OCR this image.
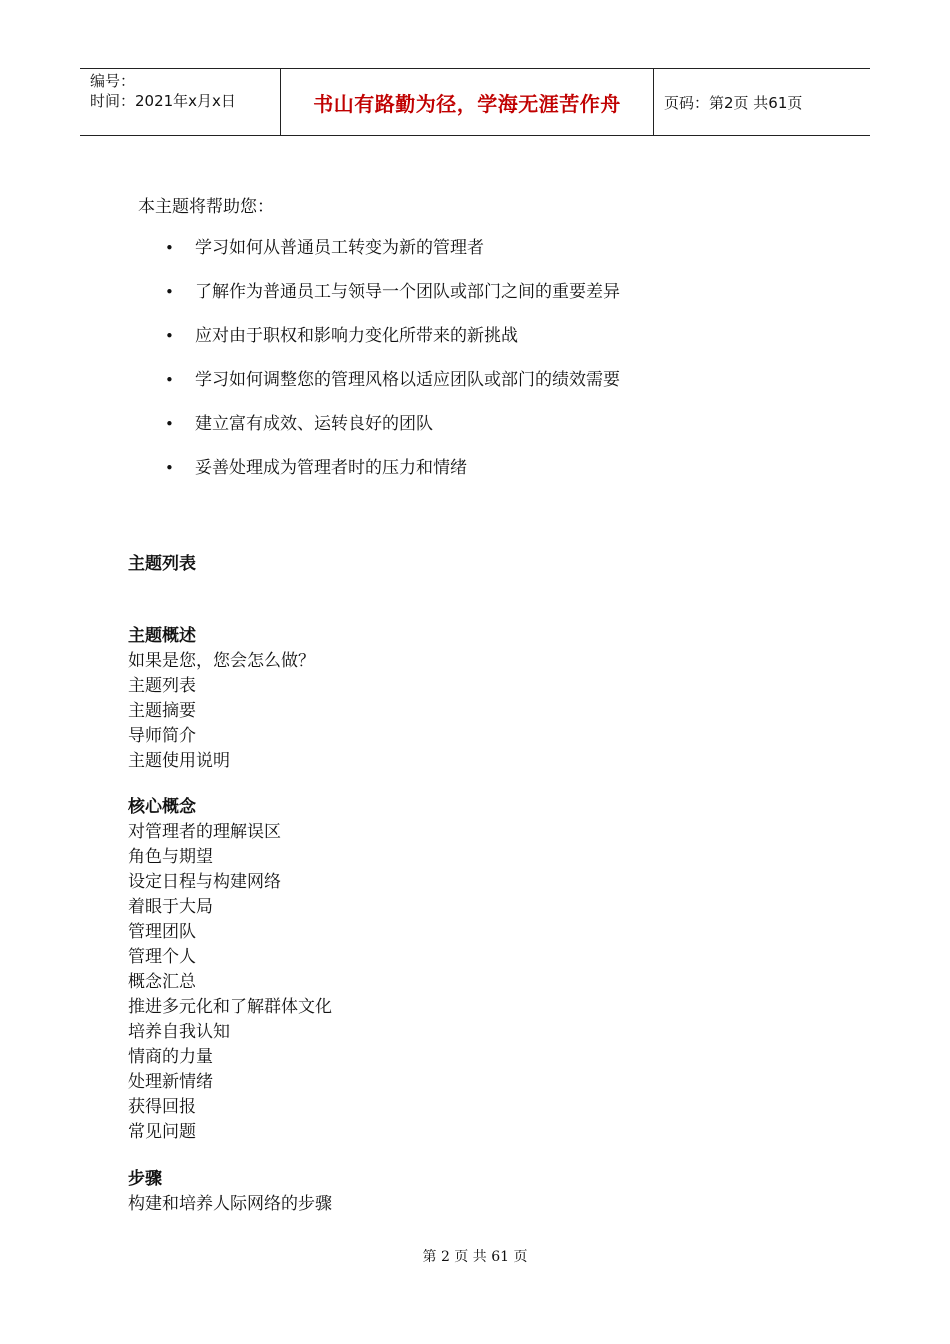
编号：
时间：2021年x月x日	书山有路勤为径，学海无涯苦作舟	页码：第2页 共61页
本主题将帮助您：
•	学习如何从普通员工转变为新的管理者
•	了解作为普通员工与领导一个团队或部门之间的重要差异
•	应对由于职权和影响力变化所带来的新挑战
•	学习如何调整您的管理风格以适应团队或部门的绩效需要
•	建立富有成效、运转良好的团队
•	妥善处理成为管理者时的压力和情绪
主题列表
主题概述
如果是您，您会怎么做？
主题列表
主题摘要
导师简介
主题使用说明
核心概念
对管理者的理解误区
角色与期望
设定日程与构建网络
着眼于大局
管理团队
管理个人
概念汇总
推进多元化和了解群体文化
培养自我认知
情商的力量
处理新情绪
获得回报
常见问题
步骤
构建和培养人际网络的步骤
第 2 页 共 61 页
